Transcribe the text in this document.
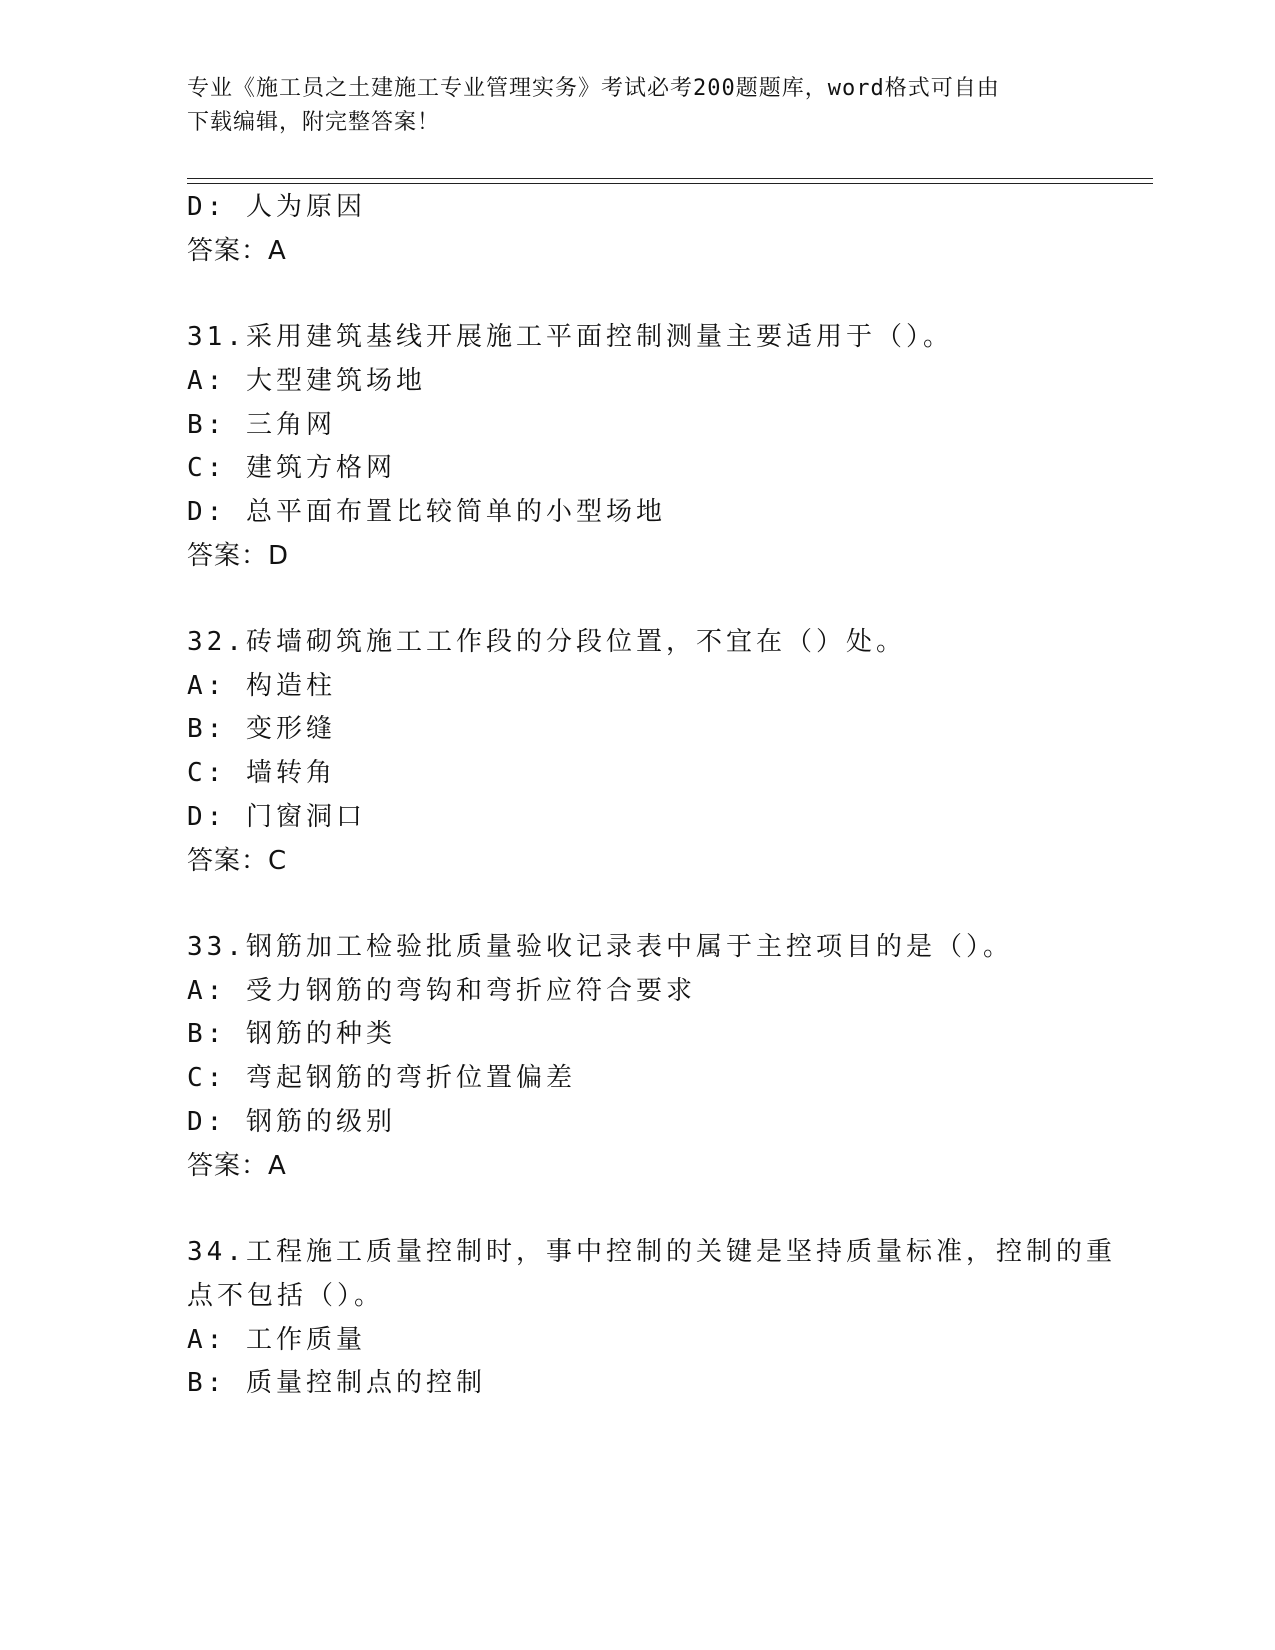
专业《施工员之土建施工专业管理实务》考试必考200题题库，word格式可自由
下载编辑，附完整答案！
D: 人为原因
答案：A
31.采用建筑基线开展施工平面控制测量主要适用于（）。
A: 大型建筑场地
B: 三角网
C: 建筑方格网
D: 总平面布置比较简单的小型场地
答案：D
32.砖墙砌筑施工工作段的分段位置，不宜在（）处。
A: 构造柱
B: 变形缝
C: 墙转角
D: 门窗洞口
答案：C
33.钢筋加工检验批质量验收记录表中属于主控项目的是（）。
A: 受力钢筋的弯钩和弯折应符合要求
B: 钢筋的种类
C: 弯起钢筋的弯折位置偏差
D: 钢筋的级别
答案：A
34.工程施工质量控制时，事中控制的关键是坚持质量标准，控制的重
点不包括（）。
A: 工作质量
B: 质量控制点的控制
